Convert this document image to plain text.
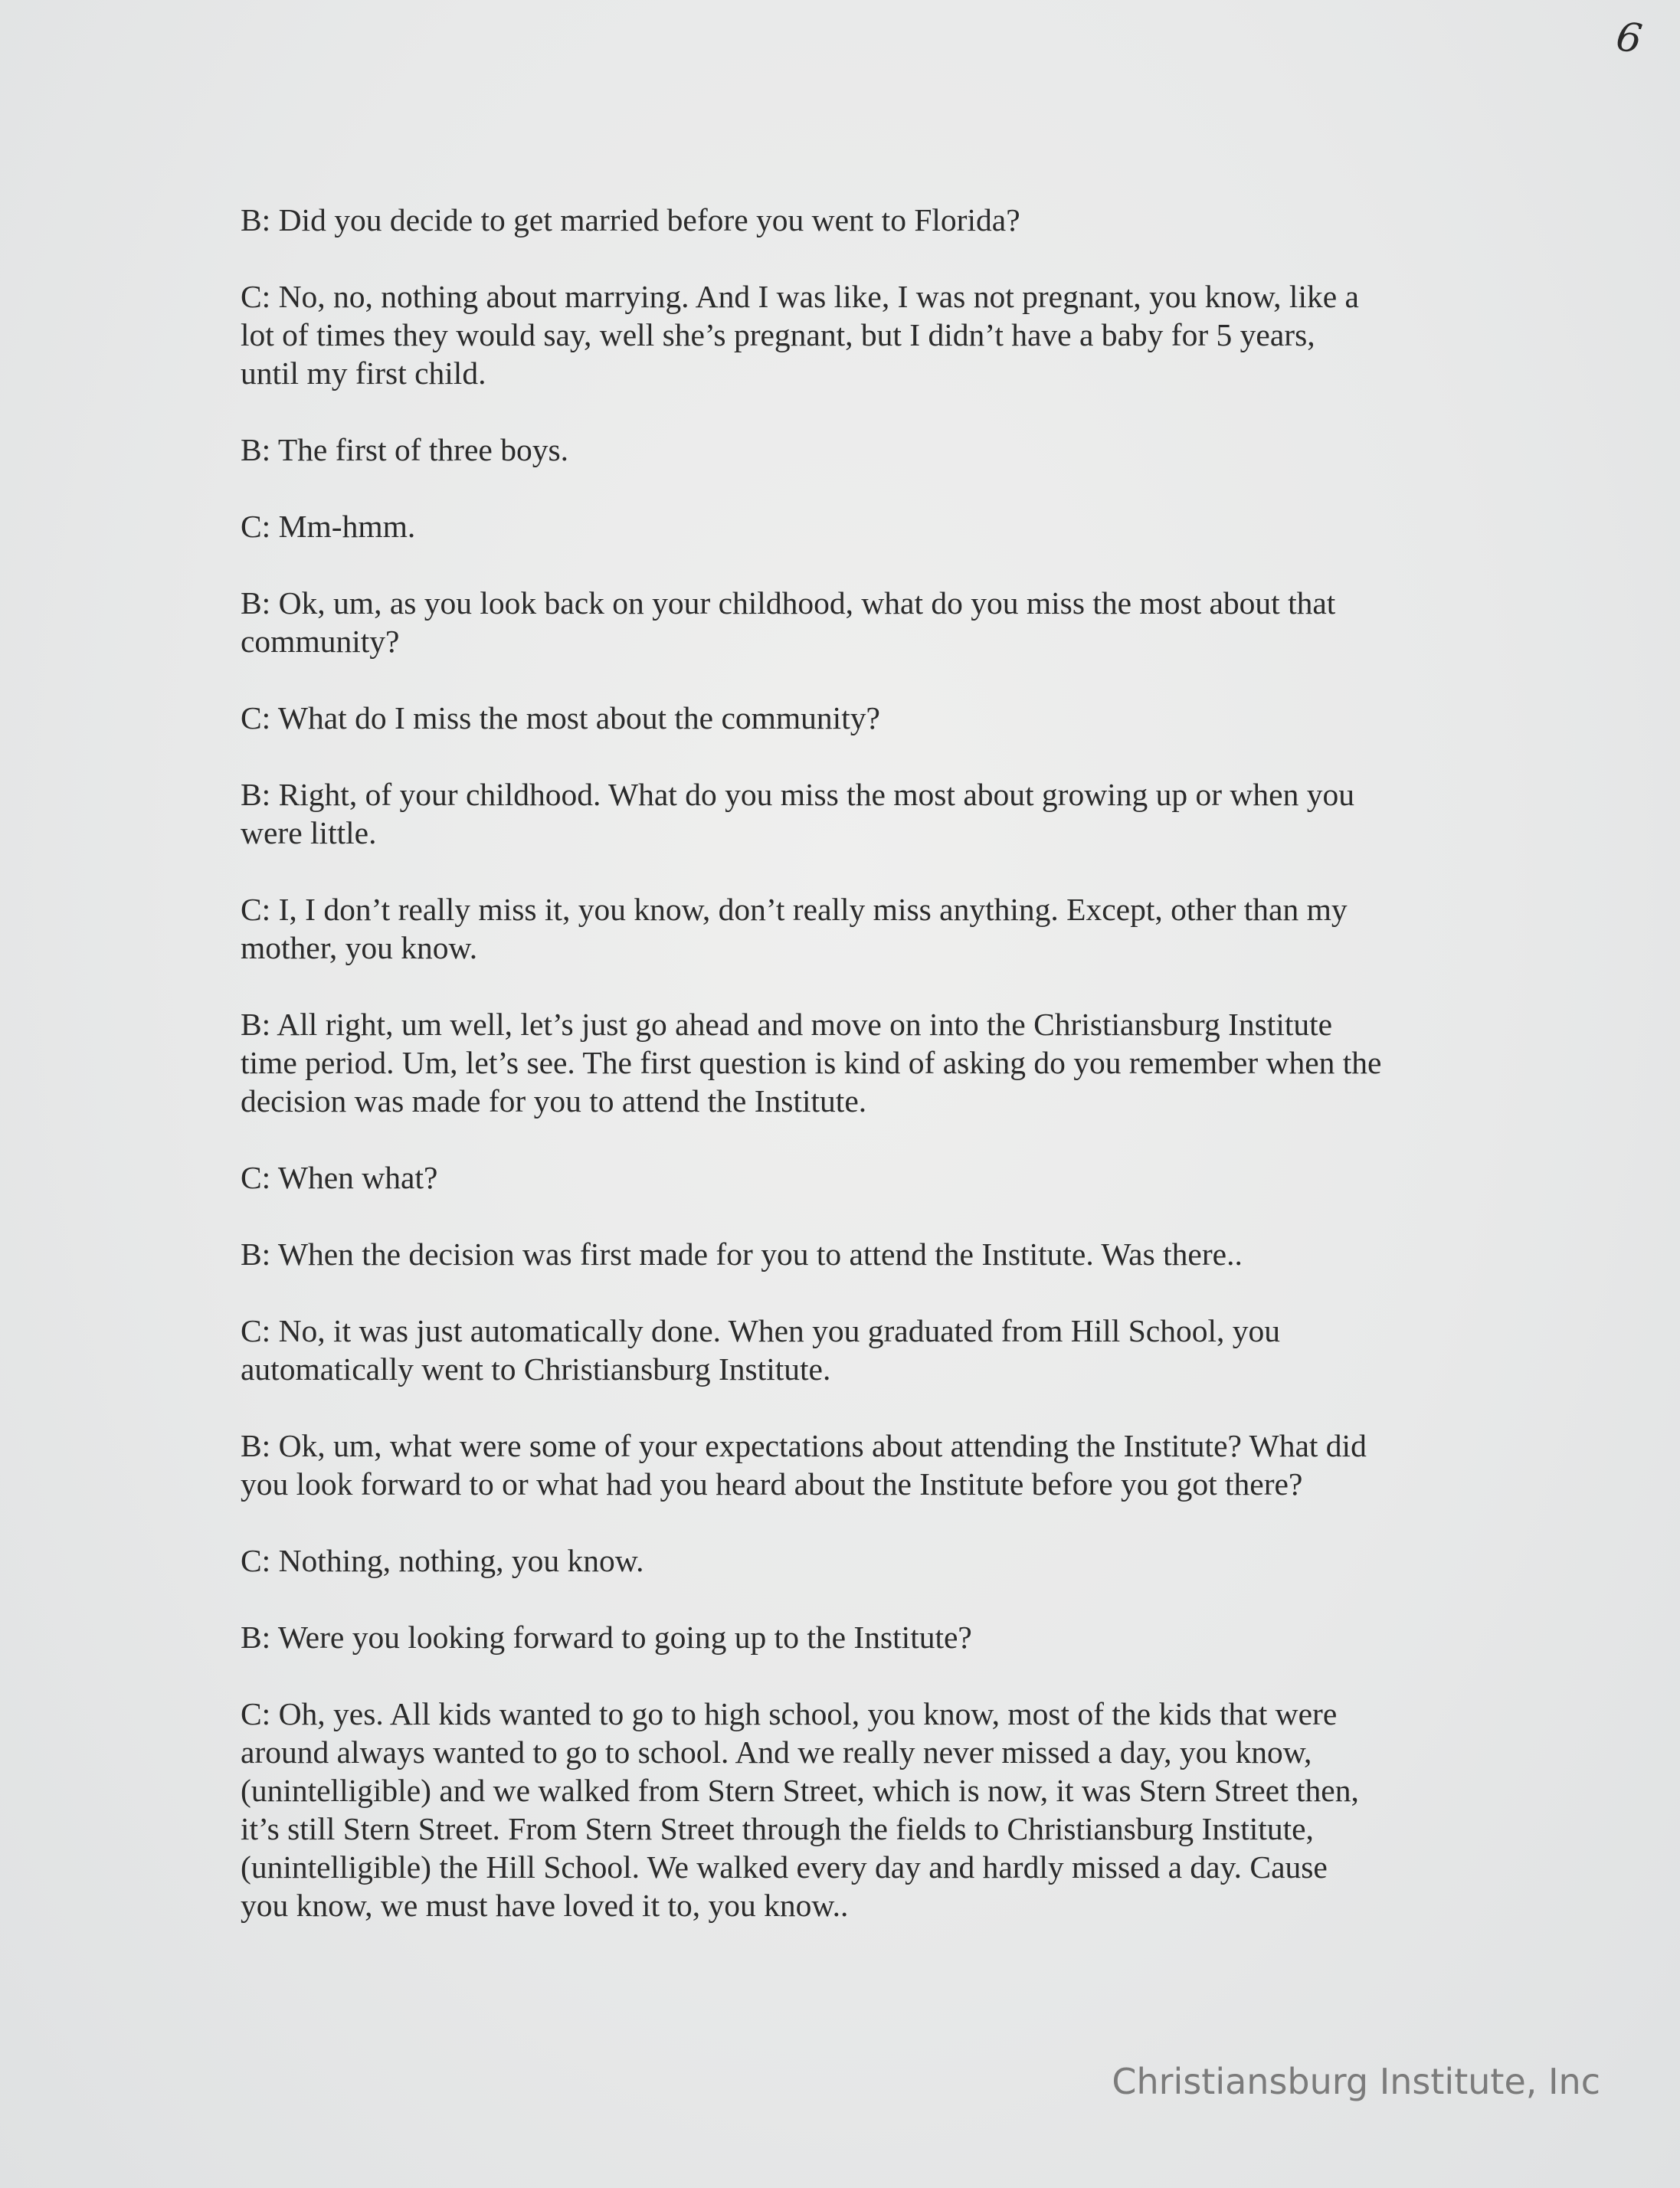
6

B: Did you decide to get married before you went to Florida?

C: No, no, nothing about marrying. And I was like, I was not pregnant, you know, like a
lot of times they would say, well she’s pregnant, but I didn’t have a baby for 5 years,
until my first child.

B: The first of three boys.

C: Mm-hmm.

B: Ok, um, as you look back on your childhood, what do you miss the most about that
community?

C: What do I miss the most about the community?

B: Right, of your childhood. What do you miss the most about growing up or when you
were little.

C: I, I don’t really miss it, you know, don’t really miss anything. Except, other than my
mother, you know.

B: All right, um well, let’s just go ahead and move on into the Christiansburg Institute
time period. Um, let’s see. The first question is kind of asking do you remember when the
decision was made for you to attend the Institute.

C: When what?

B: When the decision was first made for you to attend the Institute. Was there..

C: No, it was just automatically done. When you graduated from Hill School, you
automatically went to Christiansburg Institute.

B: Ok, um, what were some of your expectations about attending the Institute? What did
you look forward to or what had you heard about the Institute before you got there?

C: Nothing, nothing, you know.

B: Were you looking forward to going up to the Institute?

C: Oh, yes. All kids wanted to go to high school, you know, most of the kids that were
around always wanted to go to school. And we really never missed a day, you know,
(unintelligible) and we walked from Stern Street, which is now, it was Stern Street then,
it’s still Stern Street. From Stern Street through the fields to Christiansburg Institute,
(unintelligible) the Hill School. We walked every day and hardly missed a day. Cause
you know, we must have loved it to, you know..

Christiansburg Institute, Inc
